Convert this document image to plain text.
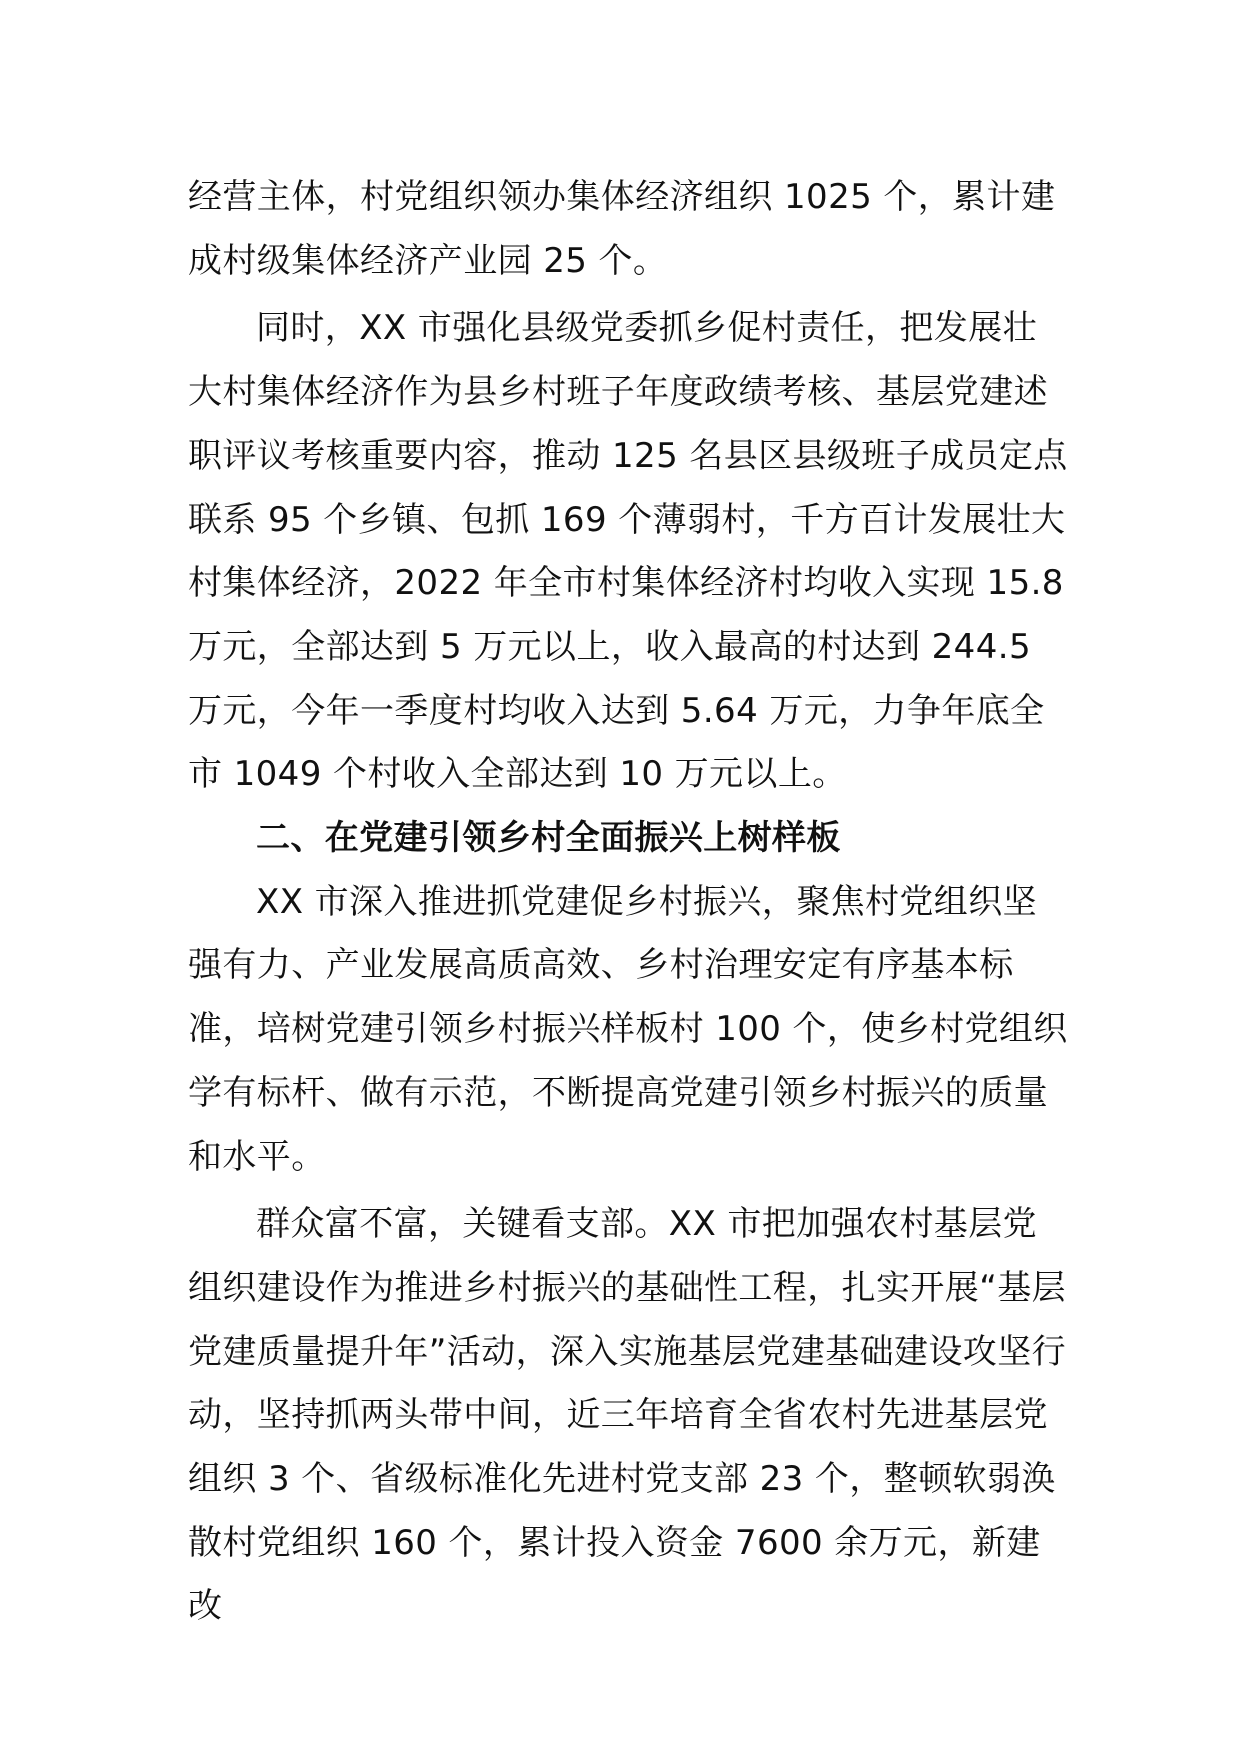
经营主体，村党组织领办集体经济组织 1025 个，累计建成村级集体经济产业园 25 个。

同时，XX 市强化县级党委抓乡促村责任，把发展壮大村集体经济作为县乡村班子年度政绩考核、基层党建述职评议考核重要内容，推动 125 名县区县级班子成员定点联系 95 个乡镇、包抓 169 个薄弱村，千方百计发展壮大村集体经济，2022 年全市村集体经济村均收入实现 15.8 万元，全部达到 5 万元以上，收入最高的村达到 244.5 万元，今年一季度村均收入达到 5.64 万元，力争年底全市 1049 个村收入全部达到 10 万元以上。

二、在党建引领乡村全面振兴上树样板

XX 市深入推进抓党建促乡村振兴，聚焦村党组织坚强有力、产业发展高质高效、乡村治理安定有序基本标准，培树党建引领乡村振兴样板村 100 个，使乡村党组织学有标杆、做有示范，不断提高党建引领乡村振兴的质量和水平。

群众富不富，关键看支部。XX 市把加强农村基层党组织建设作为推进乡村振兴的基础性工程，扎实开展“基层党建质量提升年”活动，深入实施基层党建基础建设攻坚行动，坚持抓两头带中间，近三年培育全省农村先进基层党组织 3 个、省级标准化先进村党支部 23 个，整顿软弱涣散村党组织 160 个，累计投入资金 7600 余万元，新建改
